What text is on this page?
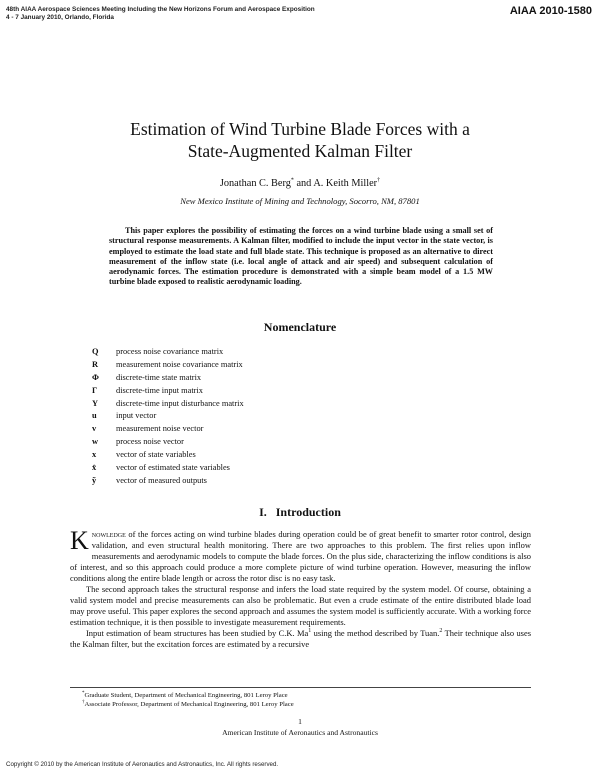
48th AIAA Aerospace Sciences Meeting Including the New Horizons Forum and Aerospace Exposition
4 - 7 January 2010, Orlando, Florida
AIAA 2010-1580
Estimation of Wind Turbine Blade Forces with a
State-Augmented Kalman Filter
Jonathan C. Berg* and A. Keith Miller†
New Mexico Institute of Mining and Technology, Socorro, NM, 87801
This paper explores the possibility of estimating the forces on a wind turbine blade using a small set of structural response measurements. A Kalman filter, modified to include the input vector in the state vector, is employed to estimate the load state and full blade state. This technique is proposed as an alternative to direct measurement of the inflow state (i.e. local angle of attack and air speed) and subsequent calculation of aerodynamic forces. The estimation procedure is demonstrated with a simple beam model of a 1.5 MW turbine blade exposed to realistic aerodynamic loading.
Nomenclature
Q process noise covariance matrix
R measurement noise covariance matrix
Φ discrete-time state matrix
Γ discrete-time input matrix
Υ discrete-time input disturbance matrix
u input vector
v measurement noise vector
w process noise vector
x vector of state variables
x̂ vector of estimated state variables
ỹ vector of measured outputs
I.   Introduction

Knowledge of the forces acting on wind turbine blades during operation could be of great benefit to smarter rotor control, design validation, and even structural health monitoring. There are two approaches to this problem. The first relies upon inflow measurements and aerodynamic models to compute the blade forces. On the plus side, characterizing the inflow conditions is also of interest, and so this approach could produce a more complete picture of wind turbine operation. However, measuring the inflow conditions along the entire blade length or across the rotor disc is no easy task.

The second approach takes the structural response and infers the load state required by the system model. Of course, obtaining a valid system model and precise measurements can also be problematic. But even a crude estimate of the entire distributed blade load may prove useful. This paper explores the second approach and assumes the system model is sufficiently accurate. With a working force estimation technique, it is then possible to investigate measurement requirements.

Input estimation of beam structures has been studied by C.K. Ma$^1$ using the method described by Tuan.$^2$ Their technique also uses the Kalman filter, but the excitation forces are estimated by a recursive

*Graduate Student, Department of Mechanical Engineering, 801 Leroy Place
†Associate Professor, Department of Mechanical Engineering, 801 Leroy Place
1
American Institute of Aeronautics and Astronautics
Copyright © 2010 by the American Institute of Aeronautics and Astronautics, Inc. All rights reserved.
